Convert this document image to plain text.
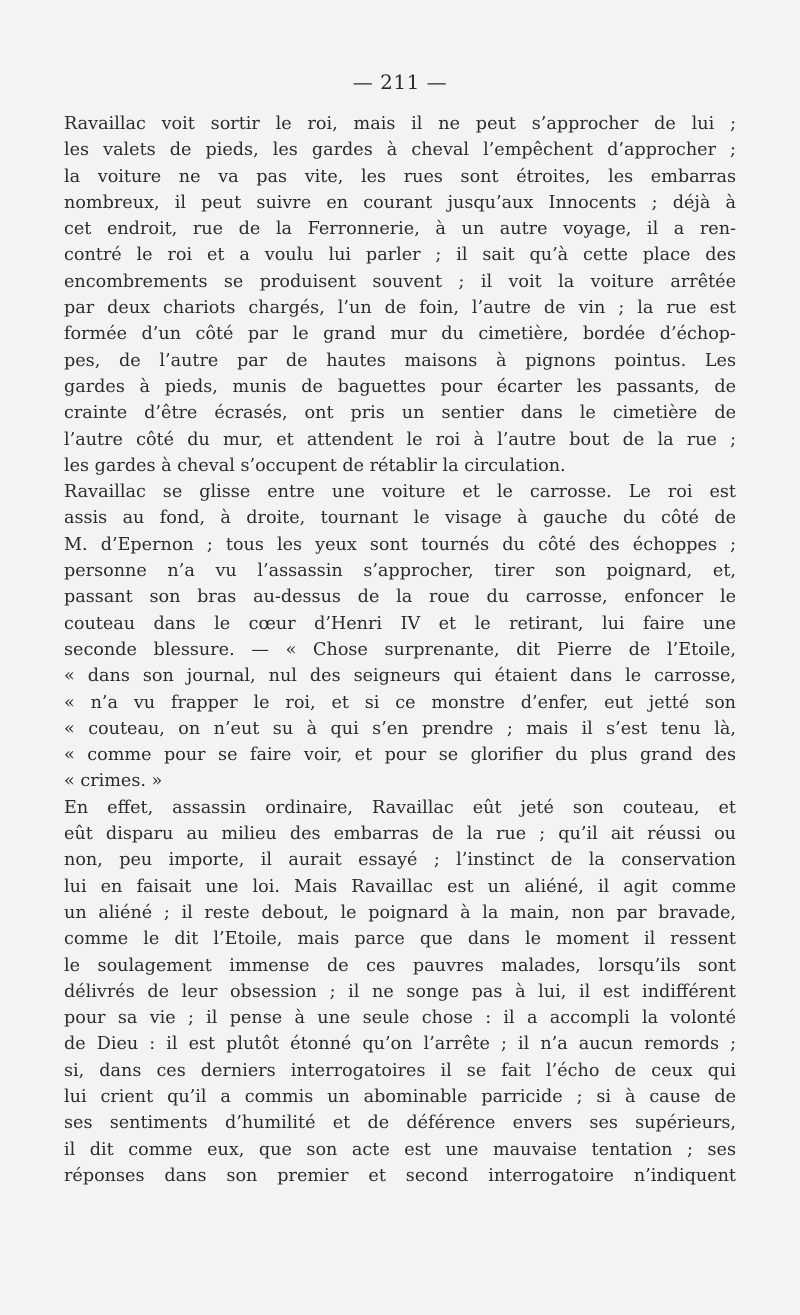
— 211 —
Ravaillac voit sortir le roi, mais il ne peut s’approcher de lui ;
les valets de pieds, les gardes à cheval l’empêchent d’approcher ;
la voiture ne va pas vite, les rues sont étroites, les embarras
nombreux, il peut suivre en courant jusqu’aux Innocents ; déjà à
cet endroit, rue de la Ferronnerie, à un autre voyage, il a ren-
contré le roi et a voulu lui parler ; il sait qu’à cette place des
encombrements se produisent souvent ; il voit la voiture arrêtée
par deux chariots chargés, l’un de foin, l’autre de vin ; la rue est
formée d’un côté par le grand mur du cimetière, bordée d’échop-
pes, de l’autre par de hautes maisons à pignons pointus. Les
gardes à pieds, munis de baguettes pour écarter les passants, de
crainte d’être écrasés, ont pris un sentier dans le cimetière de
l’autre côté du mur, et attendent le roi à l’autre bout de la rue ;
les gardes à cheval s’occupent de rétablir la circulation.
Ravaillac se glisse entre une voiture et le carrosse. Le roi est
assis au fond, à droite, tournant le visage à gauche du côté de
M. d’Epernon ; tous les yeux sont tournés du côté des échoppes ;
personne n’a vu l’assassin s’approcher, tirer son poignard, et,
passant son bras au-dessus de la roue du carrosse, enfoncer le
couteau dans le cœur d’Henri IV et le retirant, lui faire une
seconde blessure. — « Chose surprenante, dit Pierre de l’Etoile,
« dans son journal, nul des seigneurs qui étaient dans le carrosse,
« n’a vu frapper le roi, et si ce monstre d’enfer, eut jetté son
« couteau, on n’eut su à qui s’en prendre ; mais il s’est tenu là,
« comme pour se faire voir, et pour se glorifier du plus grand des
« crimes. »
En effet, assassin ordinaire, Ravaillac eût jeté son couteau, et
eût disparu au milieu des embarras de la rue ; qu’il ait réussi ou
non, peu importe, il aurait essayé ; l’instinct de la conservation
lui en faisait une loi. Mais Ravaillac est un aliéné, il agit comme
un aliéné ; il reste debout, le poignard à la main, non par bravade,
comme le dit l’Etoile, mais parce que dans le moment il ressent
le soulagement immense de ces pauvres malades, lorsqu’ils sont
délivrés de leur obsession ; il ne songe pas à lui, il est indifférent
pour sa vie ; il pense à une seule chose : il a accompli la volonté
de Dieu : il est plutôt étonné qu’on l’arrête ; il n’a aucun remords ;
si, dans ces derniers interrogatoires il se fait l’écho de ceux qui
lui crient qu’il a commis un abominable parricide ; si à cause de
ses sentiments d’humilité et de déférence envers ses supérieurs,
il dit comme eux, que son acte est une mauvaise tentation ; ses
réponses dans son premier et second interrogatoire n’indiquent
